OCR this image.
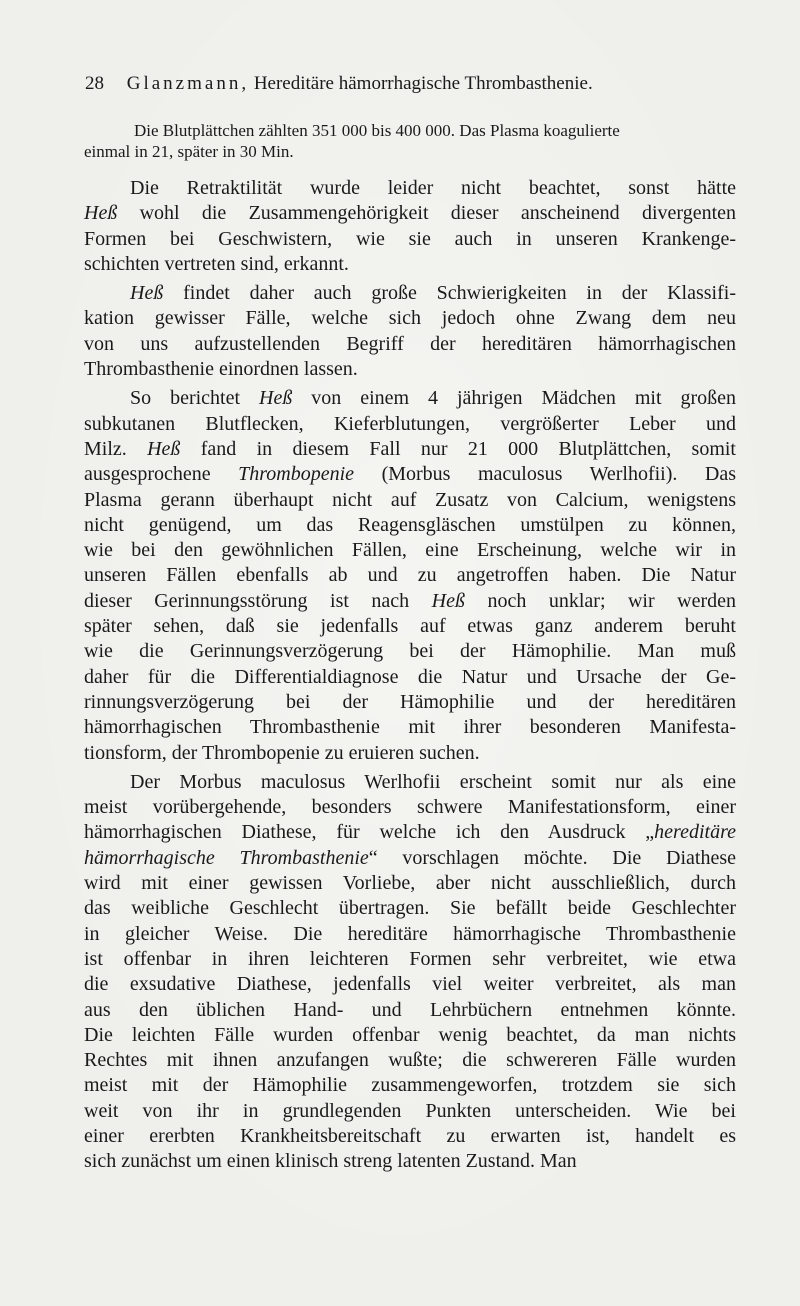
28 Glanzmann, Hereditäre hämorrhagische Thrombasthenie.
Die Blutplättchen zählten 351 000 bis 400 000. Das Plasma koagulierte
einmal in 21, später in 30 Min.
Die Retraktilität wurde leider nicht beachtet, sonst hätte
Heß wohl die Zusammengehörigkeit dieser anscheinend divergenten
Formen bei Geschwistern, wie sie auch in unseren Krankenge-
schichten vertreten sind, erkannt.
Heß findet daher auch große Schwierigkeiten in der Klassifi-
kation gewisser Fälle, welche sich jedoch ohne Zwang dem neu
von uns aufzustellenden Begriff der hereditären hämorrhagischen
Thrombasthenie einordnen lassen.
So berichtet Heß von einem 4 jährigen Mädchen mit großen
subkutanen Blutflecken, Kieferblutungen, vergrößerter Leber und
Milz. Heß fand in diesem Fall nur 21 000 Blutplättchen, somit
ausgesprochene Thrombopenie (Morbus maculosus Werlhofii). Das
Plasma gerann überhaupt nicht auf Zusatz von Calcium, wenigstens
nicht genügend, um das Reagensgläschen umstülpen zu können,
wie bei den gewöhnlichen Fällen, eine Erscheinung, welche wir in
unseren Fällen ebenfalls ab und zu angetroffen haben. Die Natur
dieser Gerinnungsstörung ist nach Heß noch unklar; wir werden
später sehen, daß sie jedenfalls auf etwas ganz anderem beruht
wie die Gerinnungsverzögerung bei der Hämophilie. Man muß
daher für die Differentialdiagnose die Natur und Ursache der Ge-
rinnungsverzögerung bei der Hämophilie und der hereditären
hämorrhagischen Thrombasthenie mit ihrer besonderen Manifesta-
tionsform, der Thrombopenie zu eruieren suchen.
Der Morbus maculosus Werlhofii erscheint somit nur als eine
meist vorübergehende, besonders schwere Manifestationsform, einer
hämorrhagischen Diathese, für welche ich den Ausdruck „hereditäre
hämorrhagische Thrombasthenie“ vorschlagen möchte. Die Diathese
wird mit einer gewissen Vorliebe, aber nicht ausschließlich, durch
das weibliche Geschlecht übertragen. Sie befällt beide Geschlechter
in gleicher Weise. Die hereditäre hämorrhagische Thrombasthenie
ist offenbar in ihren leichteren Formen sehr verbreitet, wie etwa
die exsudative Diathese, jedenfalls viel weiter verbreitet, als man
aus den üblichen Hand- und Lehrbüchern entnehmen könnte.
Die leichten Fälle wurden offenbar wenig beachtet, da man nichts
Rechtes mit ihnen anzufangen wußte; die schwereren Fälle wurden
meist mit der Hämophilie zusammengeworfen, trotzdem sie sich
weit von ihr in grundlegenden Punkten unterscheiden. Wie bei
einer ererbten Krankheitsbereitschaft zu erwarten ist, handelt es
sich zunächst um einen klinisch streng latenten Zustand. Man
